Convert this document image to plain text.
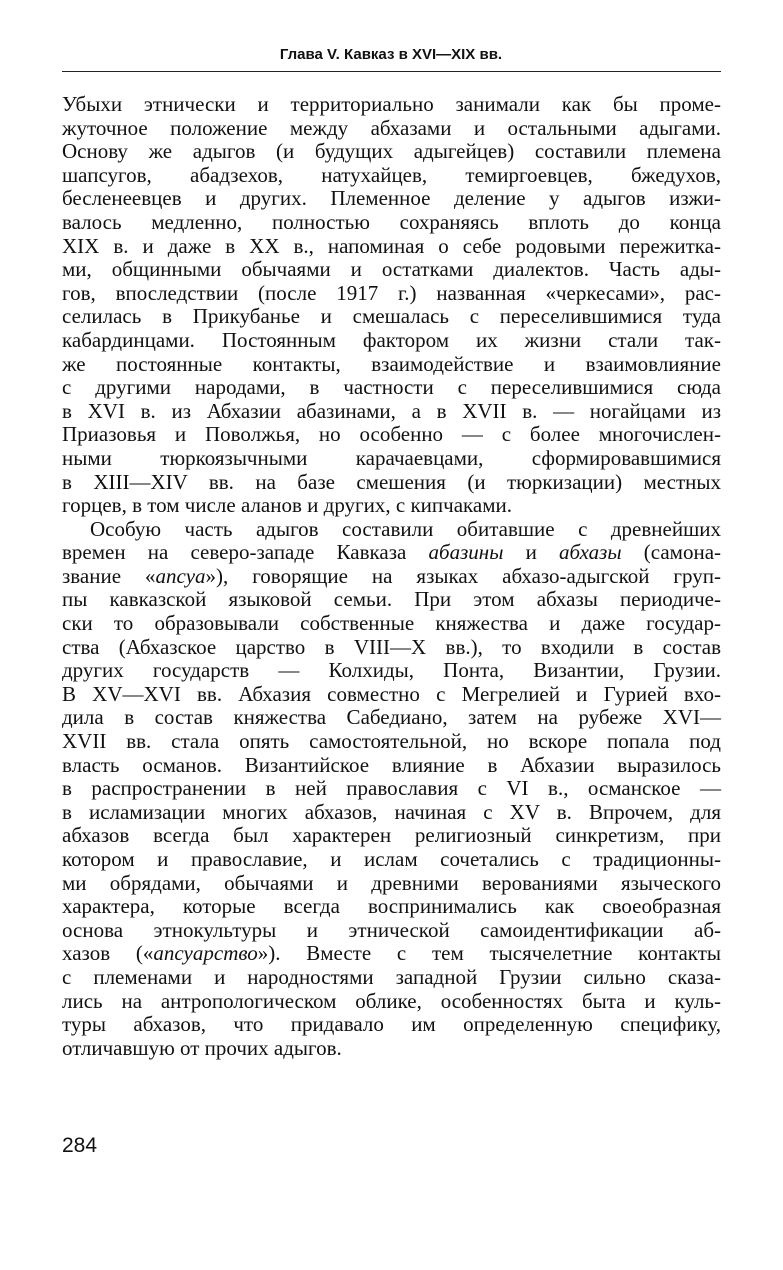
Глава V. Кавказ в XVI—XIX вв.
Убыхи этнически и территориально занимали как бы проме-
жуточное положение между абхазами и остальными адыгами.
Основу же адыгов (и будущих адыгейцев) составили племена
шапсугов, абадзехов, натухайцев, темиргоевцев, бжедухов,
бесленеевцев и других. Племенное деление у адыгов изжи-
валось медленно, полностью сохраняясь вплоть до конца
XIX в. и даже в XX в., напоминая о себе родовыми пережитка-
ми, общинными обычаями и остатками диалектов. Часть ады-
гов, впоследствии (после 1917 г.) названная «черкесами», рас-
селилась в Прикубанье и смешалась с переселившимися туда
кабардинцами. Постоянным фактором их жизни стали так-
же постоянные контакты, взаимодействие и взаимовлияние
с другими народами, в частности с переселившимися сюда
в XVI в. из Абхазии абазинами, а в XVII в. — ногайцами из
Приазовья и Поволжья, но особенно — с более многочислен-
ными тюркоязычными карачаевцами, сформировавшимися
в XIII—XIV вв. на базе смешения (и тюркизации) местных
горцев, в том числе аланов и других, с кипчаками.
Особую часть адыгов составили обитавшие с древнейших
времен на северо-западе Кавказа абазины и абхазы (самона-
звание «апсуа»), говорящие на языках абхазо-адыгской груп-
пы кавказской языковой семьи. При этом абхазы периодиче-
ски то образовывали собственные княжества и даже государ-
ства (Абхазское царство в VIII—X вв.), то входили в состав
других государств — Колхиды, Понта, Византии, Грузии.
В XV—XVI вв. Абхазия совместно с Мегрелией и Гурией вхо-
дила в состав княжества Сабедиано, затем на рубеже XVI—
XVII вв. стала опять самостоятельной, но вскоре попала под
власть османов. Византийское влияние в Абхазии выразилось
в распространении в ней православия с VI в., османское —
в исламизации многих абхазов, начиная с XV в. Впрочем, для
абхазов всегда был характерен религиозный синкретизм, при
котором и православие, и ислам сочетались с традиционны-
ми обрядами, обычаями и древними верованиями языческого
характера, которые всегда воспринимались как своеобразная
основа этнокультуры и этнической самоидентификации аб-
хазов («апсуарство»). Вместе с тем тысячелетние контакты
с племенами и народностями западной Грузии сильно сказа-
лись на антропологическом облике, особенностях быта и куль-
туры абхазов, что придавало им определенную специфику,
отличавшую от прочих адыгов.
284
